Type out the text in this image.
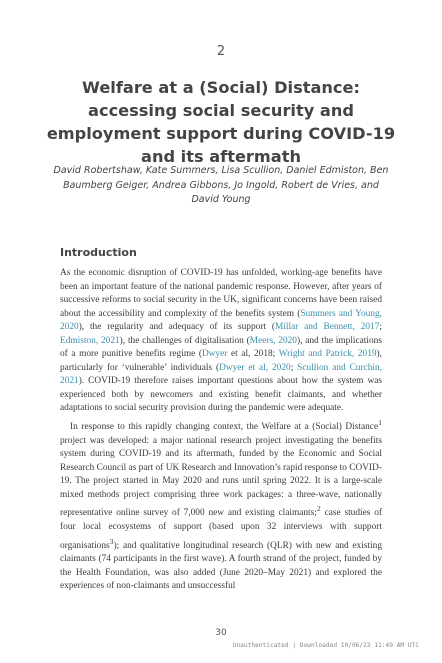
2
Welfare at a (Social) Distance: accessing social security and employment support during COVID-19 and its aftermath

David Robertshaw, Kate Summers, Lisa Scullion, Daniel Edmiston, Ben Baumberg Geiger, Andrea Gibbons, Jo Ingold, Robert de Vries, and David Young

Introduction

As the economic disruption of COVID-19 has unfolded, working-age benefits have been an important feature of the national pandemic response. However, after years of successive reforms to social security in the UK, significant concerns have been raised about the accessibility and complexity of the benefits system (Summers and Young, 2020), the regularity and adequacy of its support (Millar and Bennett, 2017; Edmiston, 2021), the challenges of digitalisation (Meers, 2020), and the implications of a more punitive benefits regime (Dwyer et al, 2018; Wright and Patrick, 2019), particularly for ‘vulnerable’ individuals (Dwyer et al, 2020; Scullion and Curchin, 2021). COVID-19 therefore raises important questions about how the system was experienced both by newcomers and existing benefit claimants, and whether adaptations to social security provision during the pandemic were adequate.

In response to this rapidly changing context, the Welfare at a (Social) Distance$^1$ project was developed: a major national research project investigating the benefits system during COVID-19 and its aftermath, funded by the Economic and Social Research Council as part of UK Research and Innovation’s rapid response to COVID-19. The project started in May 2020 and runs until spring 2022. It is a large-scale mixed methods project comprising three work packages: a three-wave, nationally representative online survey of 7,000 new and existing claimants;$^2$ case studies of four local ecosystems of support (based upon 32 interviews with support organisations$^3$); and qualitative longitudinal research (QLR) with new and existing claimants (74 participants in the first wave). A fourth strand of the project, funded by the Health Foundation, was also added (June 2020–May 2021) and explored the experiences of non-claimants and unsuccessful

30
Unauthenticated | Downloaded 10/06/23 11:49 AM UTC
